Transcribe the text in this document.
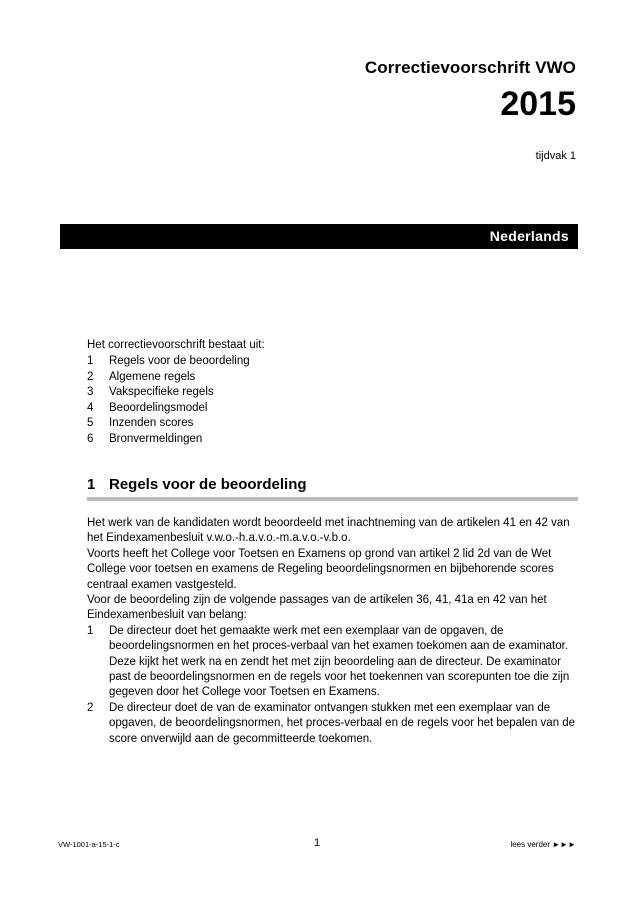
Correctievoorschrift VWO
2015
tijdvak 1
Nederlands
Het correctievoorschrift bestaat uit:
1 Regels voor de beoordeling
2 Algemene regels
3 Vakspecifieke regels
4 Beoordelingsmodel
5 Inzenden scores
6 Bronvermeldingen
1 Regels voor de beoordeling

Het werk van de kandidaten wordt beoordeeld met inachtneming van de artikelen 41 en 42 van het Eindexamenbesluit v.w.o.-h.a.v.o.-m.a.v.o.-v.b.o.

Voorts heeft het College voor Toetsen en Examens op grond van artikel 2 lid 2d van de Wet College voor toetsen en examens de Regeling beoordelingsnormen en bijbehorende scores centraal examen vastgesteld.

Voor de beoordeling zijn de volgende passages van de artikelen 36, 41, 41a en 42 van het Eindexamenbesluit van belang:

1	De directeur doet het gemaakte werk met een exemplaar van de opgaven, de beoordelingsnormen en het proces-verbaal van het examen toekomen aan de examinator. Deze kijkt het werk na en zendt het met zijn beoordeling aan de directeur. De examinator past de beoordelingsnormen en de regels voor het toekennen van scorepunten toe die zijn gegeven door het College voor Toetsen en Examens.
2	De directeur doet de van de examinator ontvangen stukken met een exemplaar van de opgaven, de beoordelingsnormen, het proces-verbaal en de regels voor het bepalen van de score onverwijld aan de gecommitteerde toekomen.
VW-1001-a-15-1-c	1	lees verder ►►►
